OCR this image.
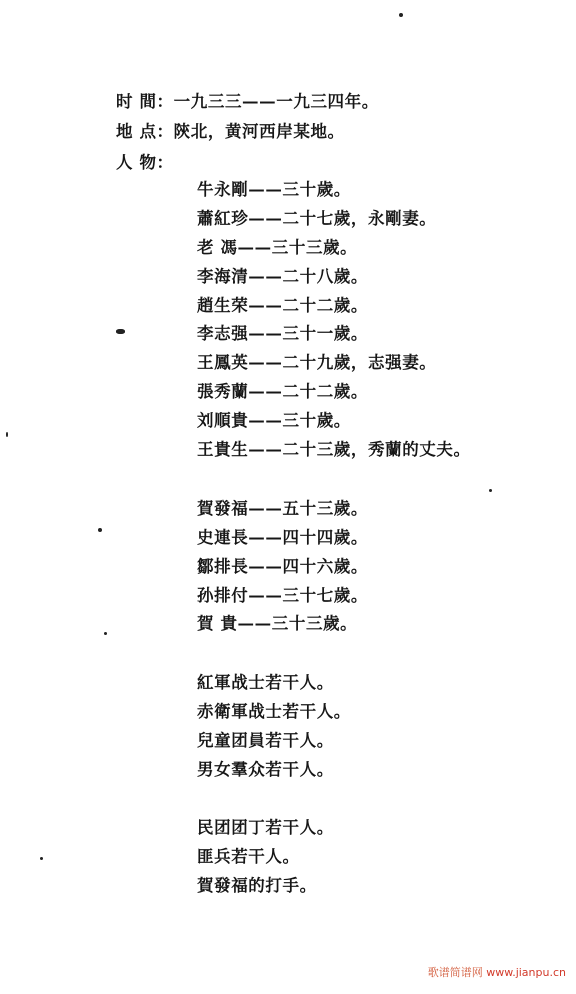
时 間：一九三三——一九三四年。
地 点：陝北，黄河西岸某地。
人 物：
牛永剛——三十歲。
蕭紅珍——二十七歲，永剛妻。
老 馮——三十三歲。
李海清——二十八歲。
趙生荣——二十二歲。
李志强——三十一歲。
王鳳英——二十九歲，志强妻。
張秀蘭——二十二歲。
刘順貴——三十歲。
王貴生——二十三歲，秀蘭的丈夫。
賀發福——五十三歲。
史連長——四十四歲。
鄒排長——四十六歲。
孙排付——三十七歲。
賀 貴——三十三歲。
紅軍战士若干人。
赤衛軍战士若干人。
兒童团員若干人。
男女羣众若干人。
民团团丁若干人。
匪兵若干人。
賀發福的打手。
歌谱简谱网 www.jianpu.cn
